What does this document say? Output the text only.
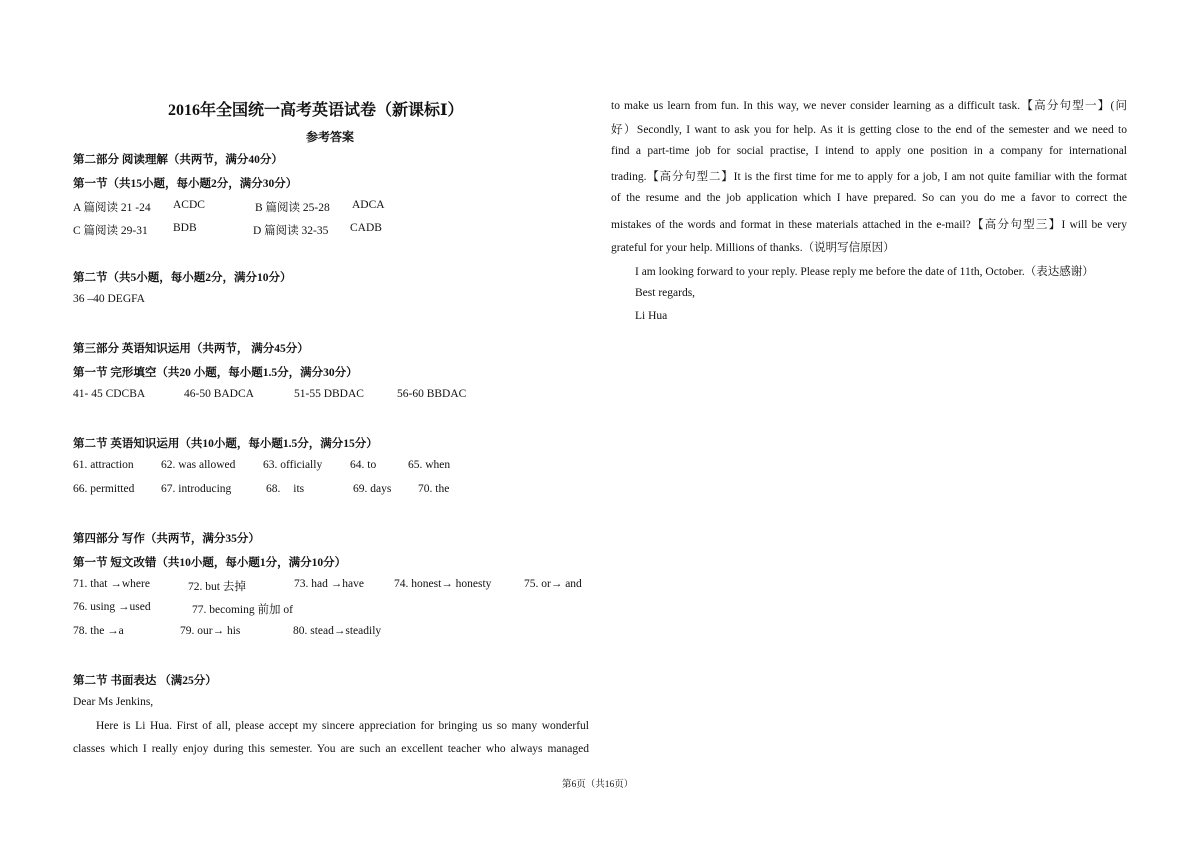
2016年全国统一高考英语试卷（新课标Ⅰ）
参考答案
第二部分 阅读理解（共两节，满分40分）
第一节（共15小题，每小题2分，满分30分）
A 篇阅读 21 -24 ACDC	B 篇阅读 25-28 ADCA
C 篇阅读 29-31 BDB	D 篇阅读 32-35 CADB
第二节（共5小题，每小题2分，满分10分）
36 –40 DEGFA
第三部分 英语知识运用（共两节， 满分45分）
第一节 完形填空（共20 小题，每小题1.5分，满分30分）
41- 45 CDCBA	46-50 BADCA	51-55 DBDAC	56-60 BBDAC
第二节 英语知识运用（共10小题，每小题1.5分，满分15分）
61. attraction 62. was allowed 63. officially 64. to	65. when
66. permitted 67. introducing	68. its	69. days 70. the
第四部分 写作（共两节，满分35分）
第一节 短文改错（共10小题，每小题1分，满分10分）
71. that →where	72. but 去掉	73. had →have	74. honest→ honesty	75. or→ and
76. using →used	77. becoming 前加 of
78. the →a	79. our→ his	80. stead→steadily
第二节 书面表达 （满25分）
Dear Ms Jenkins,
Here is Li Hua. First of all, please accept my sincere appreciation for bringing us so many wonderful
classes which I really enjoy during this semester. You are such an excellent teacher who always managed
to make us learn from fun. In this way, we never consider learning as a difficult task.【高分句型一】(问
好）Secondly, I want to ask you for help. As it is getting close to the end of the semester and we need to
find a part-time job for social practise, I intend to apply one position in a company for international
trading.【高分句型二】It is the first time for me to apply for a job, I am not quite familiar with the format
of the resume and the job application which I have prepared. So can you do me a favor to correct the
mistakes of the words and format in these materials attached in the e-mail?【高分句型三】I will be very
grateful for your help. Millions of thanks.（说明写信原因）
I am looking forward to your reply. Please reply me before the date of 11th, October.（表达感谢）
Best regards,
Li Hua
第6页（共16页）
